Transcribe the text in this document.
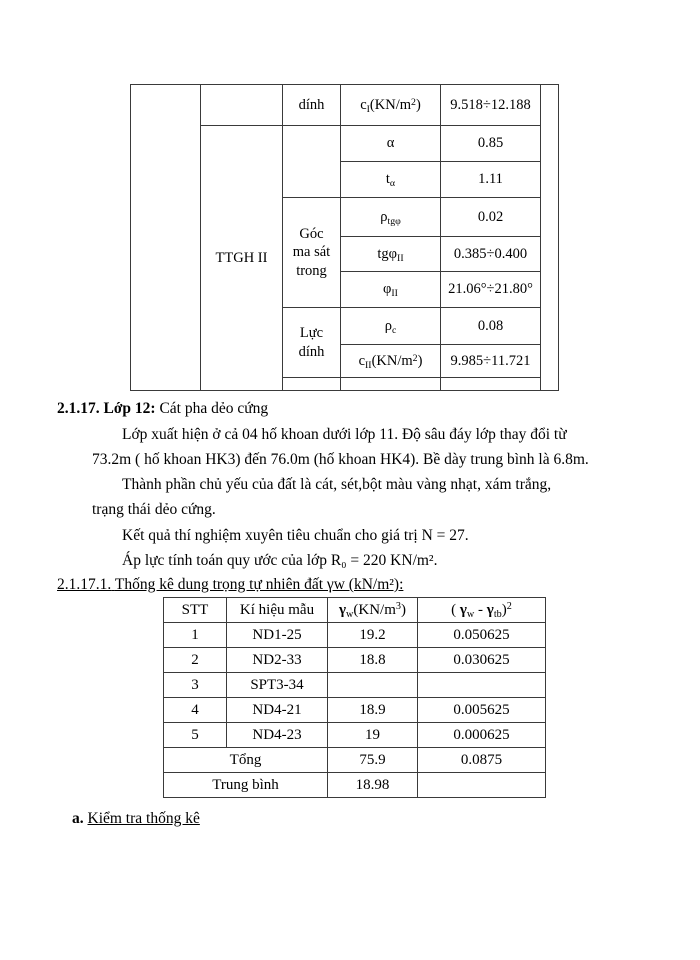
		dính	$c_I(KN/m^2)$	9.518÷12.188	
	TTGH II		α	0.85	
			$t_\alpha$	1.11	
		Góc
ma sát
trong	$\rho_{tg\varphi}$	0.02	
			tgφ$_{II}$	0.385÷0.400	
			$\varphi_{II}$	21.06°÷21.80°	
		Lực
dính	$\rho_c$	0.08	
			$c_{II}(KN/m^2)$	9.985÷11.721	

2.1.17. Lớp 12: Cát pha dẻo cứng
Lớp xuất hiện ở cả 04 hố khoan dưới lớp 11. Độ sâu đáy lớp thay đổi từ
73.2m ( hố khoan HK3) đến 76.0m (hố khoan HK4). Bề dày trung bình là 6.8m.
Thành phần chủ yếu của đất là cát, sét,bột màu vàng nhạt, xám trắng,
trạng thái dẻo cứng.
Kết quả thí nghiệm xuyên tiêu chuẩn cho giá trị N = 27.
Áp lực tính toán quy ước của lớp R₀ = 220 KN/m².
2.1.17.1. Thống kê dung trọng tự nhiên đất γw (kN/m²):
STT	Kí hiệu mẫu	$\gamma_w(KN/m^3)$	( $\gamma_w - \gamma_{tb})^2$
1	ND1-25	19.2	0.050625
2	ND2-33	18.8	0.030625
3	SPT3-34		
4	ND4-21	18.9	0.005625
5	ND4-23	19	0.000625
Tổng		75.9	0.0875
Trung bình		18.98	
a. Kiểm tra thống kê
